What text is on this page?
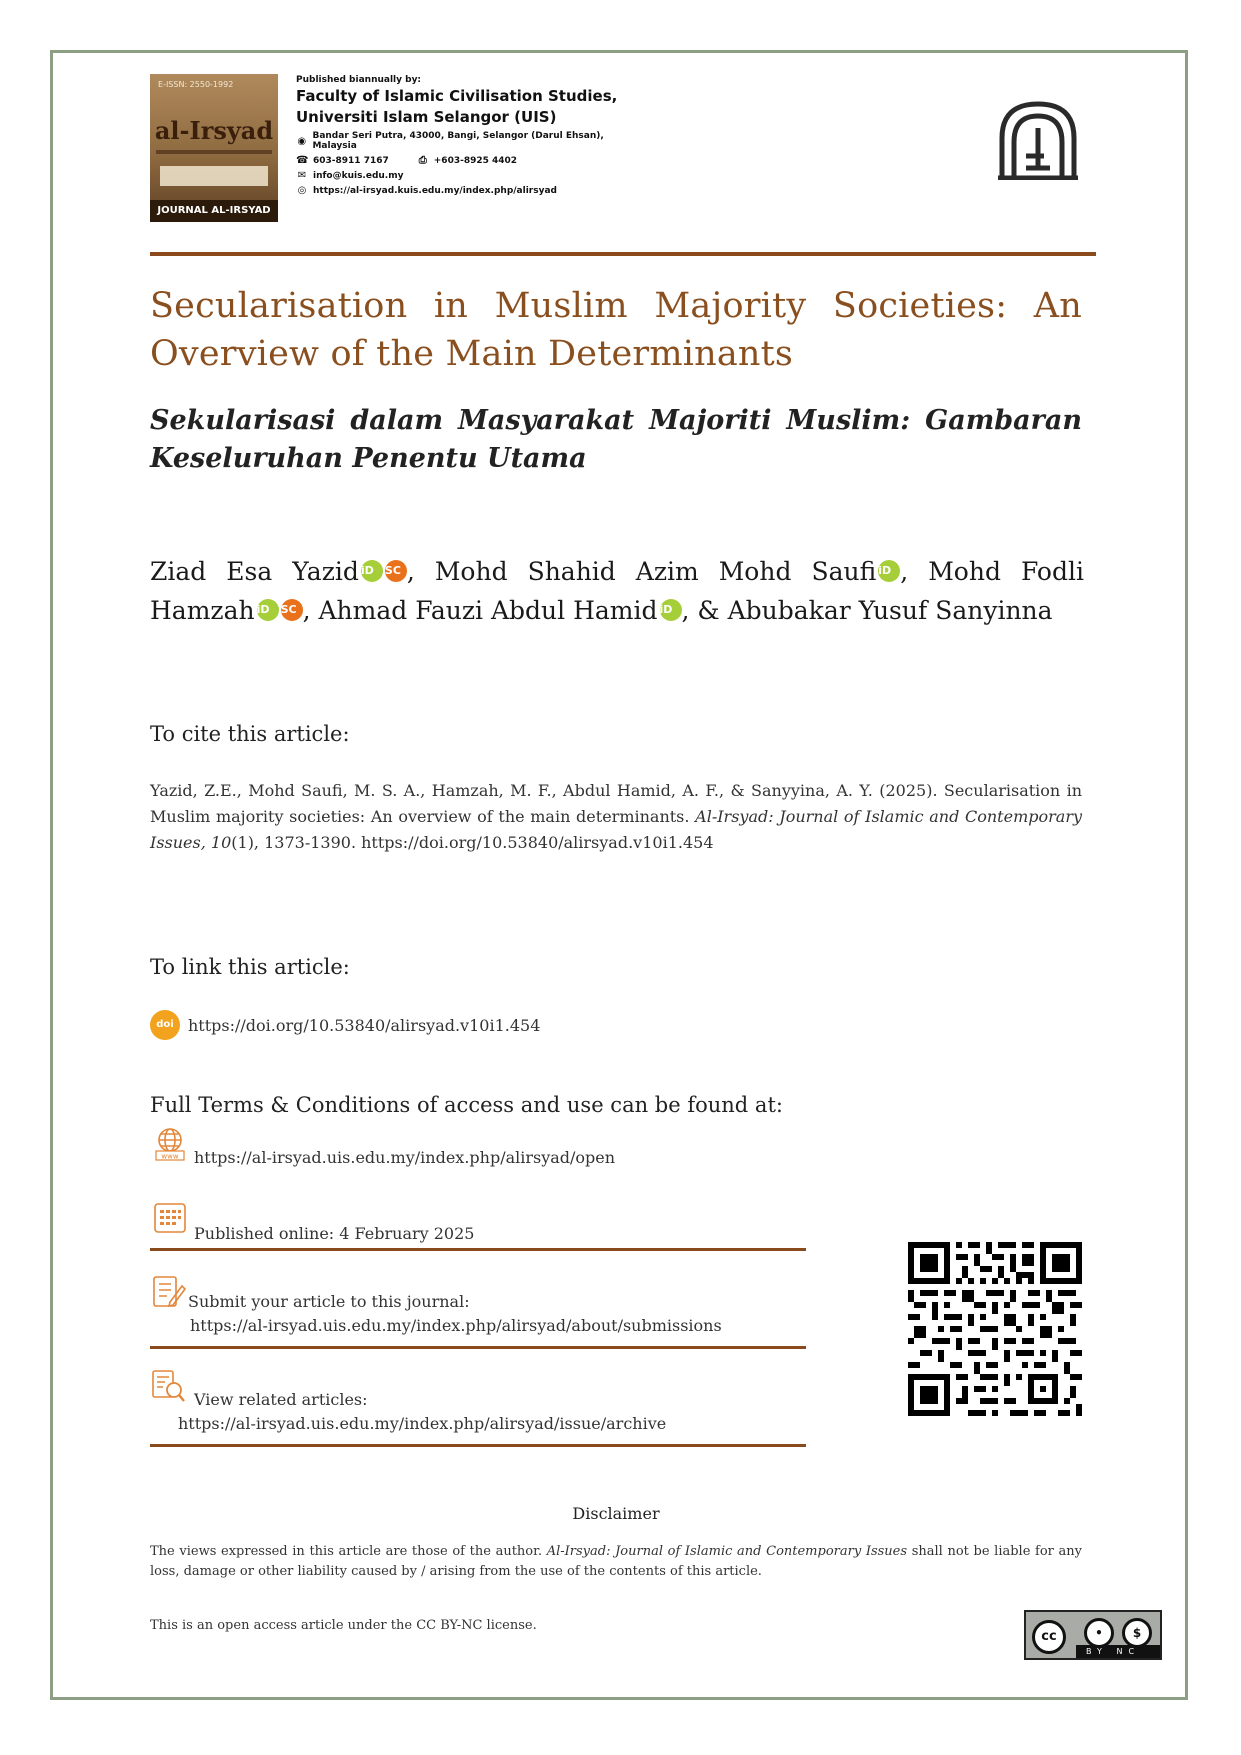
E-ISSN: 2550-1992
al-Irsyad
JOURNAL AL-IRSYAD
Published biannually by:
Faculty of Islamic Civilisation Studies,
Universiti Islam Selangor (UIS)
◉ Bandar Seri Putra, 43000, Bangi, Selangor (Darul Ehsan), Malaysia
☎ 603-8911 7167	⎙ +603-8925 4402
✉ info@kuis.edu.my
◎ https://al-irsyad.kuis.edu.my/index.php/alirsyad
Secularisation in Muslim Majority Societies: An Overview of the Main Determinants
Sekularisasi dalam Masyarakat Majoriti Muslim: Gambaran Keseluruhan Penentu Utama
Ziad Esa Yazid iD SC , Mohd Shahid Azim Mohd Saufi iD , Mohd Fodli Hamzah iD SC , Ahmad Fauzi Abdul Hamid iD , & Abubakar Yusuf Sanyinna
To cite this article:
Yazid, Z.E., Mohd Saufi, M. S. A., Hamzah, M. F., Abdul Hamid, A. F., & Sanyyina, A. Y. (2025). Secularisation in Muslim majority societies: An overview of the main determinants. Al-Irsyad: Journal of Islamic and Contemporary Issues, 10(1), 1373-1390. https://doi.org/10.53840/alirsyad.v10i1.454
To link this article:
doi https://doi.org/10.53840/alirsyad.v10i1.454
Full Terms & Conditions of access and use can be found at:
www https://al-irsyad.uis.edu.my/index.php/alirsyad/open
Published online: 4 February 2025
Submit your article to this journal:
https://al-irsyad.uis.edu.my/index.php/alirsyad/about/submissions
View related articles:
https://al-irsyad.uis.edu.my/index.php/alirsyad/issue/archive
Disclaimer
The views expressed in this article are those of the author. Al-Irsyad: Journal of Islamic and Contemporary Issues shall not be liable for any loss, damage or other liability caused by / arising from the use of the contents of this article.
This is an open access article under the CC BY-NC license.
cc	•	$
BY NC
